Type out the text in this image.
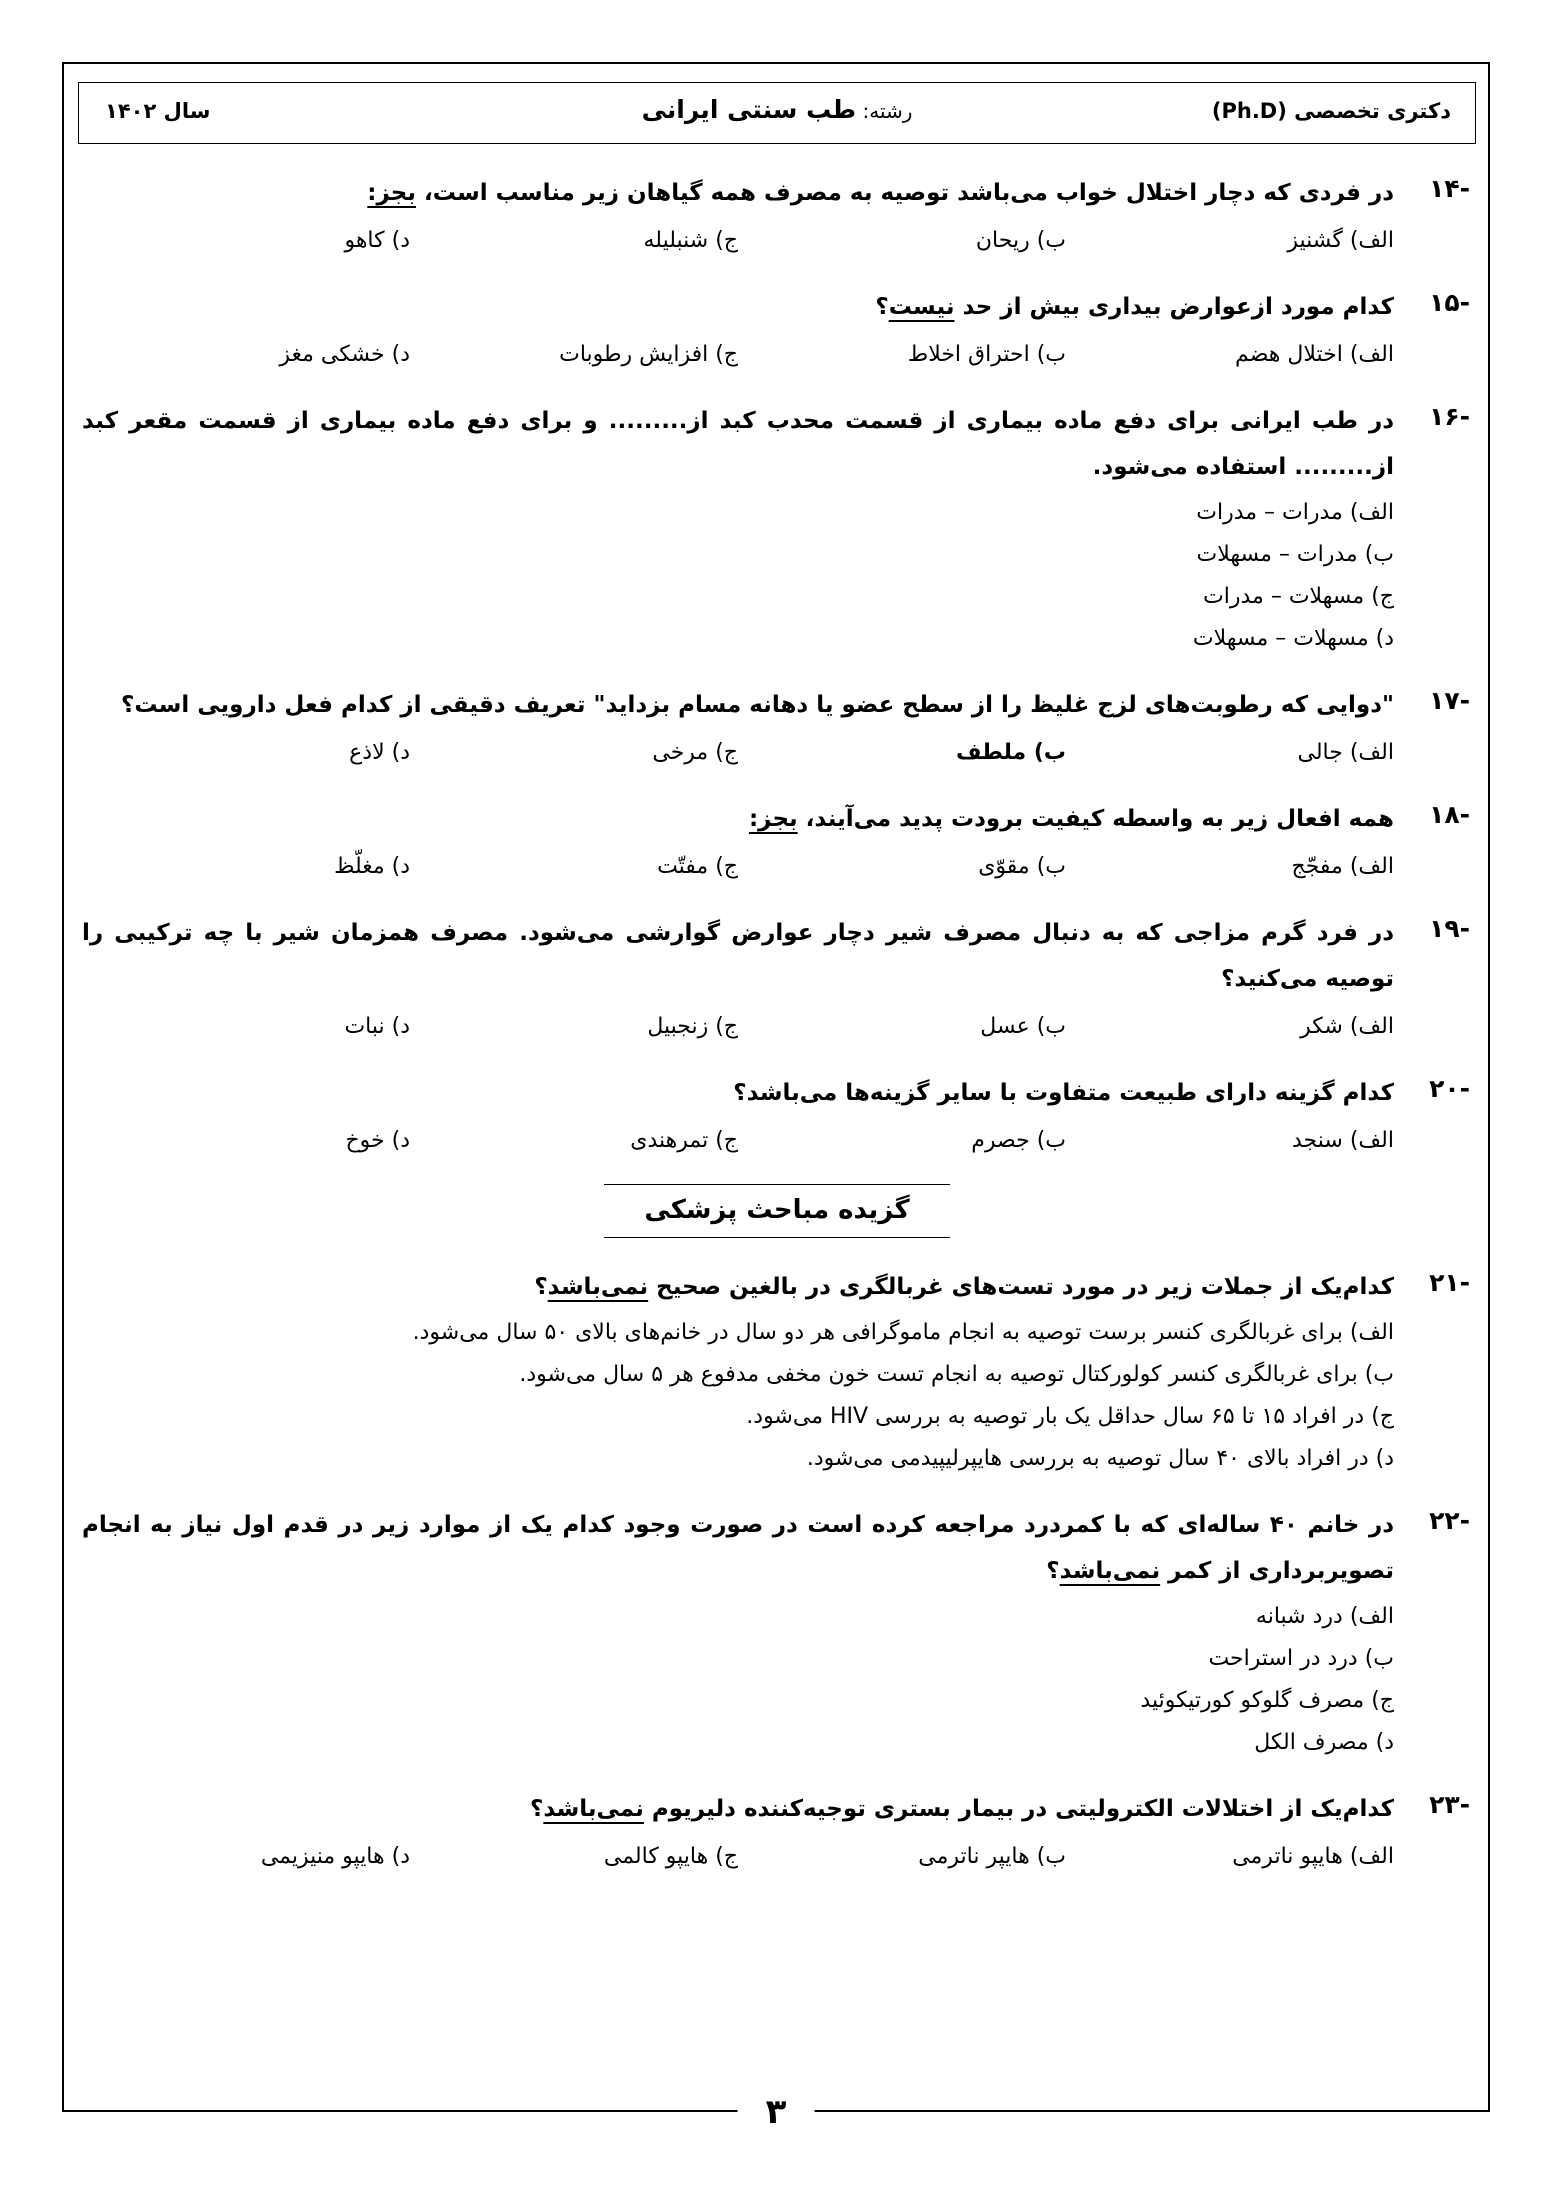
دکتری تخصصی (Ph.D)
رشته: طب سنتی ایرانی
سال ۱۴۰۲
-۱۴
در فردی که دچار اختلال خواب می‌باشد توصیه به مصرف همه گیاهان زیر مناسب است، بجز:
الف) گشنیز
ب) ریحان
ج) شنبلیله
د) کاهو
-۱۵
کدام مورد ازعوارض بیداری بیش از حد نیست؟
الف) اختلال هضم
ب) احتراق اخلاط
ج) افزایش رطوبات
د) خشکی مغز
-۱۶
در طب ایرانی برای دفع ماده بیماری از قسمت محدب کبد از......... و برای دفع ماده بیماری از قسمت مقعر کبد از......... استفاده می‌شود.
الف) مدرات – مدرات
ب) مدرات – مسهلات
ج) مسهلات – مدرات
د) مسهلات – مسهلات
-۱۷
"دوایی که رطوبت‌های لزج غلیظ را از سطح عضو یا دهانه مسام بزداید" تعریف دقیقی از کدام فعل دارویی است؟
الف) جالی
ب) ملطف
ج) مرخی
د) لاذع
-۱۸
همه افعال زیر به واسطه کیفیت برودت پدید می‌آیند، بجز:
الف) مفجّج
ب) مقوّی
ج) مفتّت
د) مغلّظ
-۱۹
در فرد گرم مزاجی که به دنبال مصرف شیر دچار عوارض گوارشی می‌شود. مصرف همزمان شیر با چه ترکیبی را توصیه می‌کنید؟
الف) شکر
ب) عسل
ج) زنجبیل
د) نبات
-۲۰
کدام گزینه دارای طبیعت متفاوت با سایر گزینه‌ها می‌باشد؟
الف) سنجد
ب) جصرم
ج) تمرهندی
د) خوخ
گزیده مباحث پزشکی
-۲۱
کدام‌یک از جملات زیر در مورد تست‌های غربالگری در بالغین صحیح نمی‌باشد؟
الف) برای غربالگری کنسر برست توصیه به انجام ماموگرافی هر دو سال در خانم‌های بالای ۵۰ سال می‌شود.
ب) برای غربالگری کنسر کولورکتال توصیه به انجام تست خون مخفی مدفوع هر ۵ سال می‌شود.
ج) در افراد ۱۵ تا ۶۵ سال حداقل یک بار توصیه به بررسی HIV می‌شود.
د) در افراد بالای ۴۰ سال توصیه به بررسی هایپرلیپیدمی می‌شود.
-۲۲
در خانم ۴۰ ساله‌ای که با کمردرد مراجعه کرده است در صورت وجود کدام یک از موارد زیر در قدم اول نیاز به انجام تصویربرداری از کمر نمی‌باشد؟
الف) درد شبانه
ب) درد در استراحت
ج) مصرف گلوکو کورتیکوئید
د) مصرف الکل
-۲۳
کدام‌یک از اختلالات الکترولیتی در بیمار بستری توجیه‌کننده دلیریوم نمی‌باشد؟
الف) هایپو ناترمی
ب) هایپر ناترمی
ج) هایپو کالمی
د) هایپو منیزیمی
۳
